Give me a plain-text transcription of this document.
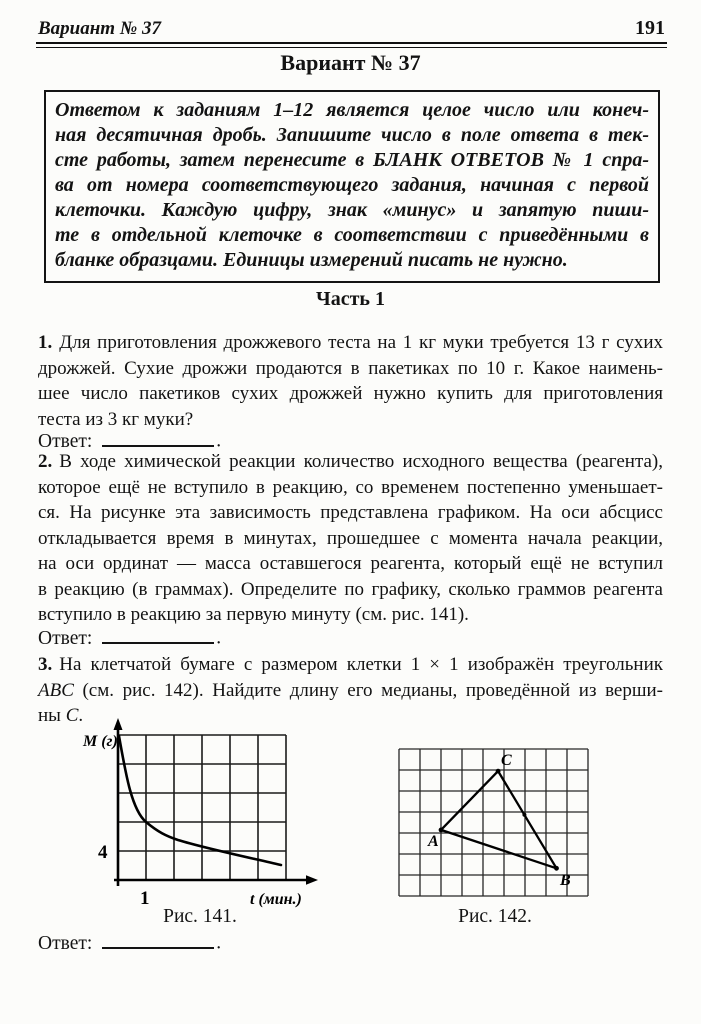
Вариант № 37	191
Вариант № 37
Ответом к заданиям 1–12 является целое число или конеч-
ная десятичная дробь. Запишите число в поле ответа в тек-
сте работы, затем перенесите в БЛАНК ОТВЕТОВ № 1 спра-
ва от номера соответствующего задания, начиная с первой
клеточки. Каждую цифру, знак «минус» и запятую пиши-
те в отдельной клеточке в соответствии с приведёнными в
бланке образцами. Единицы измерений писать не нужно.
Часть 1
1. Для приготовления дрожжевого теста на 1 кг муки требуется 13 г сухих
дрожжей. Сухие дрожжи продаются в пакетиках по 10 г. Какое наимень-
шее число пакетиков сухих дрожжей нужно купить для приготовления
теста из 3 кг муки?
Ответ:	.
2. В ходе химической реакции количество исходного вещества (реагента),
которое ещё не вступило в реакцию, со временем постепенно уменьшает-
ся. На рисунке эта зависимость представлена графиком. На оси абсцисс
откладывается время в минутах, прошедшее с момента начала реакции,
на оси ординат — масса оставшегося реагента, который ещё не вступил
в реакцию (в граммах). Определите по графику, сколько граммов реагента
вступило в реакцию за первую минуту (см. рис. 141).
Ответ:	.
3. На клетчатой бумаге с размером клетки 1 × 1 изображён треугольник
ABC (см. рис. 142). Найдите длину его медианы, проведённой из верши-
ны C.
M (г)
4
1	t (мин.)
Рис. 141.
A
B
C
Рис. 142.
Ответ:	.
